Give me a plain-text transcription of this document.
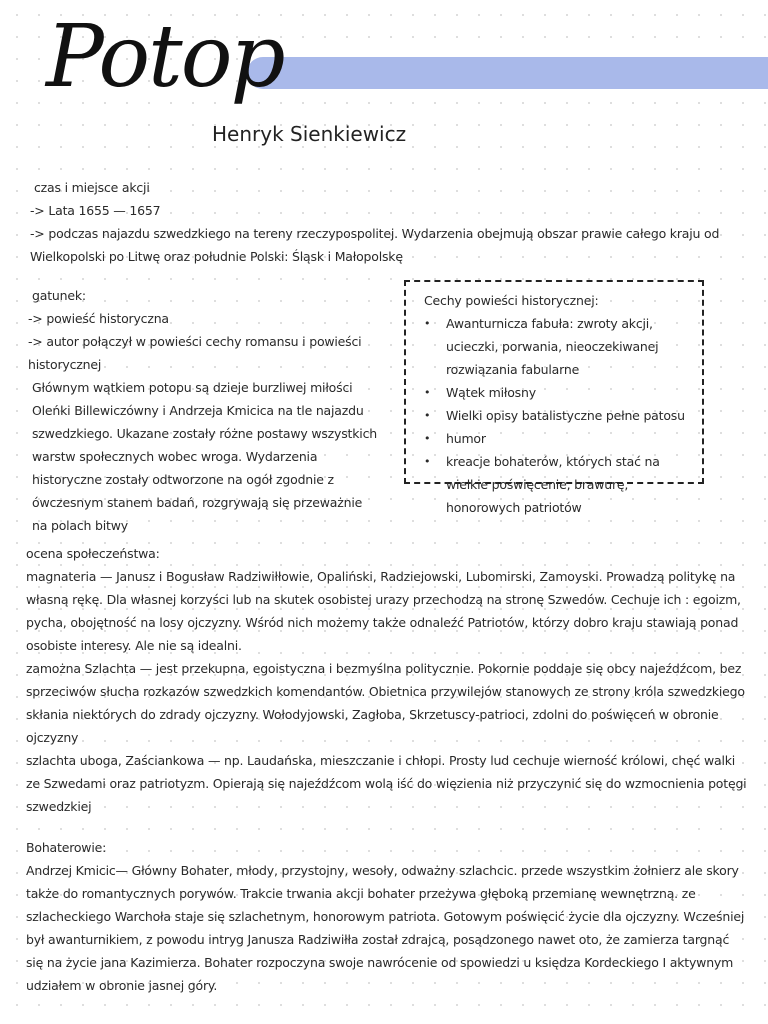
Potop
Henryk Sienkiewicz

czas i miejsce akcji

-> Lata 1655 — 1657

-> podczas najazdu szwedzkiego na tereny rzeczypospolitej. Wydarzenia obejmują obszar prawie całego kraju od Wielkopolski po Litwę oraz południe Polski: Śląsk i Małopolskę

gatunek:

-> powieść historyczna

-> autor połączył w powieści cechy romansu i powieści historycznej

Głównym wątkiem potopu są dzieje burzliwej miłości Oleńki Billewiczówny i Andrzeja Kmicica na tle najazdu szwedzkiego. Ukazane zostały różne postawy wszystkich warstw społecznych wobec wroga. Wydarzenia historyczne zostały odtworzone na ogół zgodnie z ówczesnym stanem badań, rozgrywają się przeważnie na polach bitwy

Cechy powieści historycznej:

• Awanturnicza fabuła: zwroty akcji, ucieczki, porwania, nieoczekiwanej rozwiązania fabularne
• Wątek miłosny
• Wielki opisy batalistyczne pełne patosu
• humor
• kreacje bohaterów, których stać na wielkie poświęcenie, brawurę, honorowych patriotów

ocena społeczeństwa:

magnateria — Janusz i Bogusław Radziwiłłowie, Opaliński, Radziejowski, Lubomirski, Zamoyski. Prowadzą politykę na własną rękę. Dla własnej korzyści lub na skutek osobistej urazy przechodzą na stronę Szwedów. Cechuje ich : egoizm, pycha, obojętność na losy ojczyzny. Wśród nich możemy także odnaleźć Patriotów, którzy dobro kraju stawiają ponad osobiste interesy. Ale nie są idealni.

zamożna Szlachta — jest przekupna, egoistyczna i bezmyślna politycznie. Pokornie poddaje się obcy najeźdźcom, bez sprzeciwów słucha rozkazów szwedzkich komendantów. Obietnica przywilejów stanowych ze strony króla szwedzkiego skłania niektórych do zdrady ojczyzny. Wołodyjowski, Zagłoba, Skrzetuscy-patrioci, zdolni do poświęceń w obronie ojczyzny
szlachta uboga, Zaściankowa — np. Laudańska, mieszczanie i chłopi. Prosty lud cechuje wierność królowi, chęć walki ze Szwedami oraz patriotyzm. Opierają się najeźdźcom wolą iść do więzienia niż przyczynić się do wzmocnienia potęgi szwedzkiej

Bohaterowie:

Andrzej Kmicic— Główny Bohater, młody, przystojny, wesoły, odważny szlachcic. przede wszystkim żołnierz ale skory także do romantycznych porywów. Trakcie trwania akcji bohater przeżywa głęboką przemianę wewnętrzną. ze szlacheckiego Warchoła staje się szlachetnym, honorowym patriota. Gotowym poświęcić życie dla ojczyzny. Wcześniej był awanturnikiem, z powodu intryg Janusza Radziwiłła został zdrajcą, posądzonego nawet oto, że zamierza targnąć się na życie jana Kazimierza. Bohater rozpoczyna swoje nawrócenie od spowiedzi u księdza Kordeckiego I aktywnym udziałem w obronie jasnej góry.
